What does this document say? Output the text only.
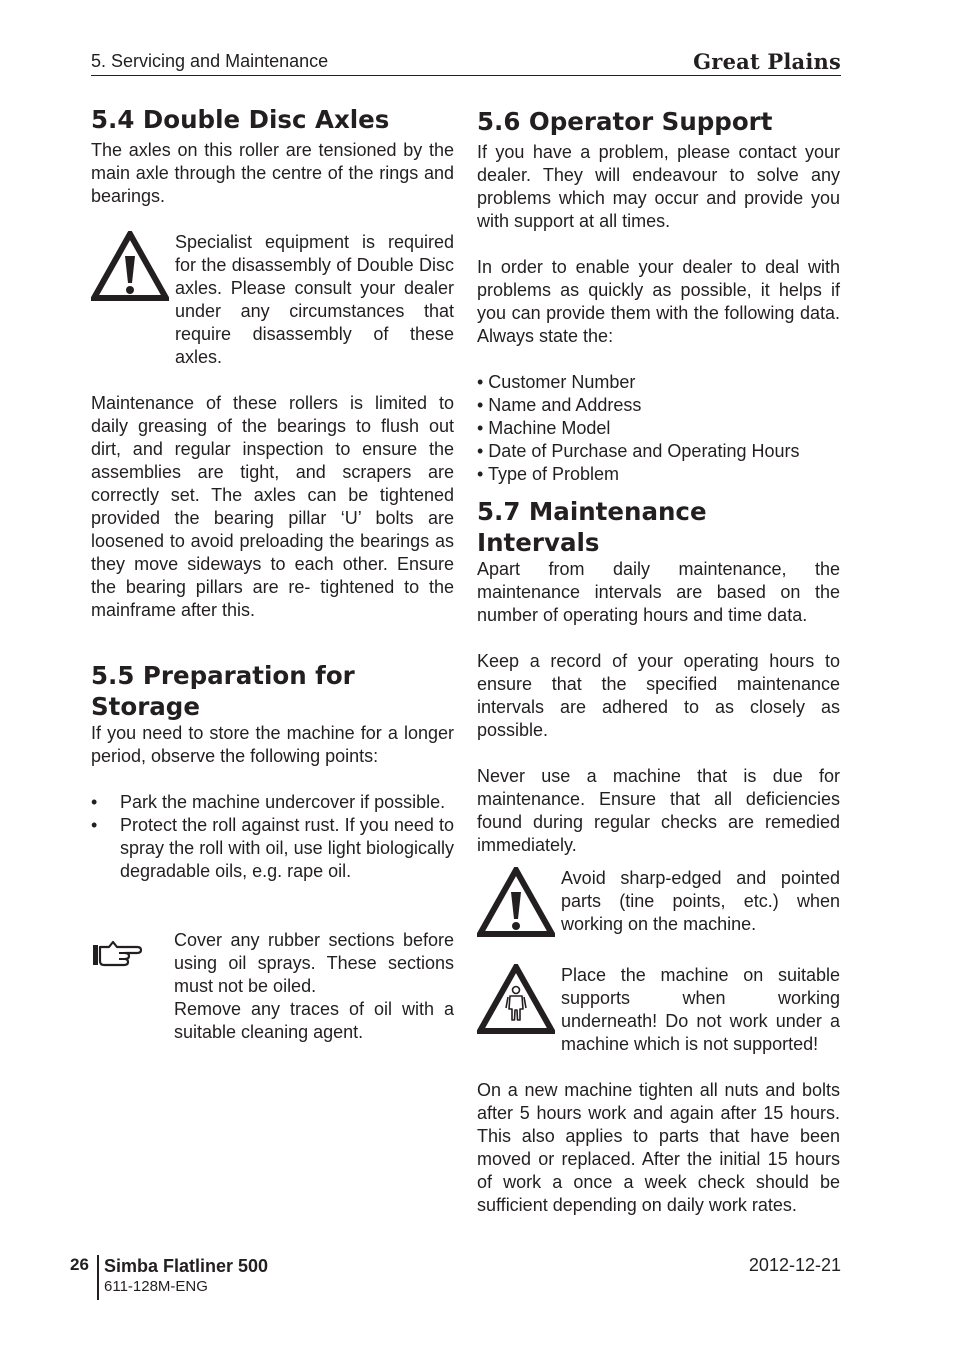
5. Servicing and Maintenance	Great Plains
5.4 Double Disc Axles

The axles on this roller are tensioned by the main axle through the centre of the rings and bearings.

Specialist equipment is required for the disassembly of Double Disc axles. Please consult your dealer under any circumstances that require disassembly of these axles.

Maintenance of these rollers is limited to daily greasing of the bearings to flush out dirt, and regular inspection to ensure the assemblies are tight, and scrapers are correctly set. The axles can be tightened provided the bearing pillar ‘U’ bolts are loosened to avoid preloading the bearings as they move sideways to each other. Ensure the bearing pillars are re- tightened to the mainframe after this.

5.5 Preparation for
Storage

If you need to store the machine for a longer period, observe the following points:

• Park the machine undercover if possible.
• Protect the roll against rust. If you need to spray the roll with oil, use light biologically degradable oils, e.g. rape oil.

Cover any rubber sections before using oil sprays. These sections must not be oiled.

Remove any traces of oil with a suitable cleaning agent.

5.6 Operator Support

If you have a problem, please contact your dealer. They will endeavour to solve any problems which may occur and provide you with support at all times.

In order to enable your dealer to deal with problems as quickly as possible, it helps if you can provide them with the following data. Always state the:

• Customer Number
• Name and Address
• Machine Model
• Date of Purchase and Operating Hours
• Type of Problem
5.7 Maintenance
Intervals

Apart from daily maintenance, the maintenance intervals are based on the number of operating hours and time data.

Keep a record of your operating hours to ensure that the specified maintenance intervals are adhered to as closely as possible.

Never use a machine that is due for maintenance. Ensure that all deficiencies found during regular checks are remedied immediately.

Avoid sharp-edged and pointed parts (tine points, etc.) when working on the machine.

Place the machine on suitable supports when working underneath! Do not work under a machine which is not supported!

On a new machine tighten all nuts and bolts after 5 hours work and again after 15 hours. This also applies to parts that have been moved or replaced. After the initial 15 hours of work a once a week check should be sufficient depending on daily work rates.

26 Simba Flatliner 500
611-128M-ENG
2012-12-21
